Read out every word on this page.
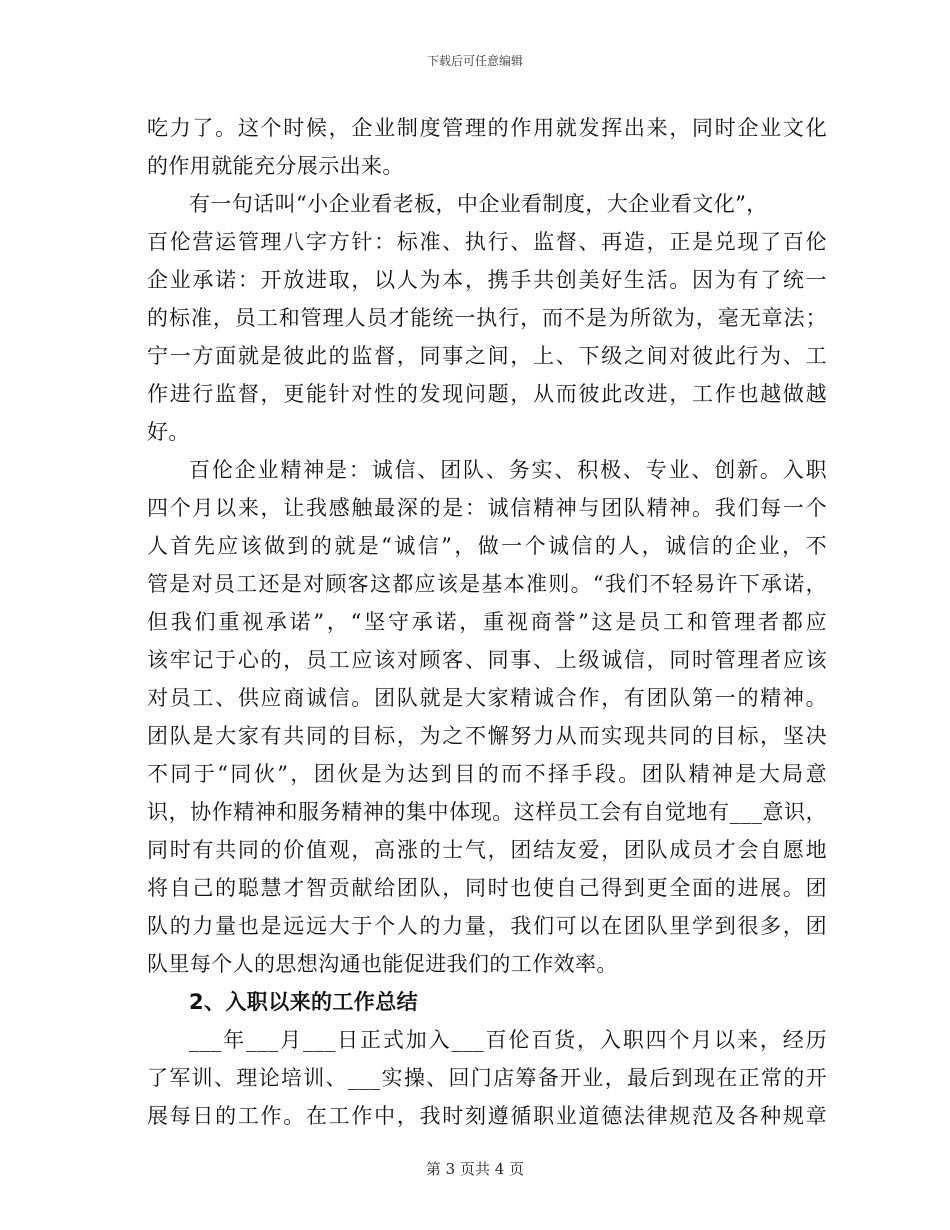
下载后可任意编辑
吃力了。这个时候，企业制度管理的作用就发挥出来，同时企业文化
的作用就能充分展示出来。
有一句话叫“小企业看老板，中企业看制度，大企业看文化”，
百伦营运管理八字方针：标准、执行、监督、再造，正是兑现了百伦
企业承诺：开放进取，以人为本，携手共创美好生活。因为有了统一
的标准，员工和管理人员才能统一执行，而不是为所欲为，毫无章法；
宁一方面就是彼此的监督，同事之间，上、下级之间对彼此行为、工
作进行监督，更能针对性的发现问题，从而彼此改进，工作也越做越
好。
百伦企业精神是：诚信、团队、务实、积极、专业、创新。入职
四个月以来，让我感触最深的是：诚信精神与团队精神。我们每一个
人首先应该做到的就是“诚信”，做一个诚信的人，诚信的企业，不
管是对员工还是对顾客这都应该是基本准则。“我们不轻易许下承诺，
但我们重视承诺”，“坚守承诺，重视商誉”这是员工和管理者都应
该牢记于心的，员工应该对顾客、同事、上级诚信，同时管理者应该
对员工、供应商诚信。团队就是大家精诚合作，有团队第一的精神。
团队是大家有共同的目标，为之不懈努力从而实现共同的目标，坚决
不同于“同伙”，团伙是为达到目的而不择手段。团队精神是大局意
识，协作精神和服务精神的集中体现。这样员工会有自觉地有___意识，
同时有共同的价值观，高涨的士气，团结友爱，团队成员才会自愿地
将自己的聪慧才智贡献给团队，同时也使自己得到更全面的进展。团
队的力量也是远远大于个人的力量，我们可以在团队里学到很多，团
队里每个人的思想沟通也能促进我们的工作效率。
2、入职以来的工作总结
___年___月___日正式加入___百伦百货，入职四个月以来，经历
了军训、理论培训、___实操、回门店筹备开业，最后到现在正常的开
展每日的工作。在工作中，我时刻遵循职业道德法律规范及各种规章
第 3 页共 4 页
